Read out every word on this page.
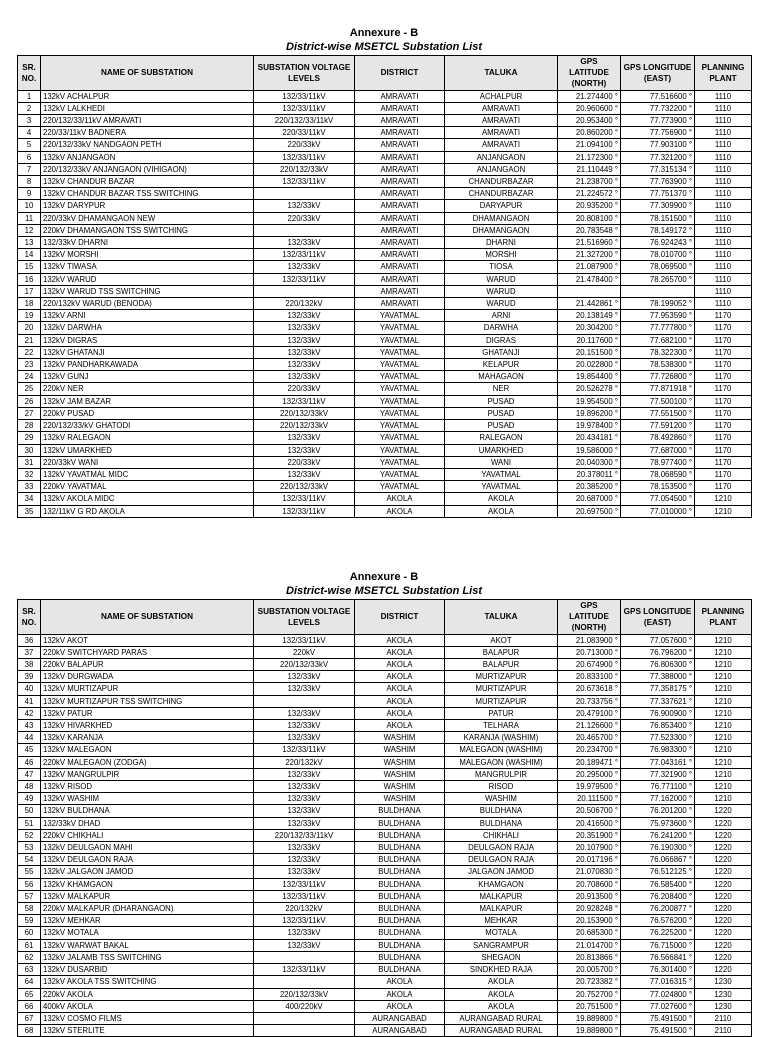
Annexure - B
District-wise MSETCL Substation List
SR. NO.	NAME OF SUBSTATION	SUBSTATION VOLTAGE LEVELS	DISTRICT	TALUKA	GPS LATITUDE (NORTH)	GPS LONGITUDE (EAST)	PLANNING PLANT
1	132kV ACHALPUR	132/33/11kV	AMRAVATI	ACHALPUR	21.274400 °	77.516600 °	1110
2	132kV LALKHEDI	132/33/11kV	AMRAVATI	AMRAVATI	20.960600 °	77.732200 °	1110
3	220/132/33/11kV AMRAVATI	220/132/33/11kV	AMRAVATI	AMRAVATI	20.953400 °	77.773900 °	1110
4	220/33/11kV BADNERA	220/33/11kV	AMRAVATI	AMRAVATI	20.860200 °	77.756900 °	1110
5	220/132/33kV NANDGAON PETH	220/33kV	AMRAVATI	AMRAVATI	21.094100 °	77.903100 °	1110
6	132kV ANJANGAON	132/33/11kV	AMRAVATI	ANJANGAON	21.172300 °	77.321200 °	1110
7	220/132/33kV ANJANGAON (VIHIGAON)	220/132/33kV	AMRAVATI	ANJANGAON	21.110449 °	77.315134 °	1110
8	132kV CHANDUR BAZAR	132/33/11kV	AMRAVATI	CHANDURBAZAR	21.238700 °	77.763900 °	1110
9	132kV CHANDUR BAZAR TSS SWITCHING		AMRAVATI	CHANDURBAZAR	21.224572 °	77.751370 °	1110
10	132kV DARYPUR	132/33kV	AMRAVATI	DARYAPUR	20.935200 °	77.309900 °	1110
11	220/33kV DHAMANGAON NEW	220/33kV	AMRAVATI	DHAMANGAON	20.808100 °	78.151500 °	1110
12	220kV DHAMANGAON TSS SWITCHING		AMRAVATI	DHAMANGAON	20.783548 °	78.149172 °	1110
13	132/33kV DHARNI	132/33kV	AMRAVATI	DHARNI	21.516960 °	76.924243 °	1110
14	132kV MORSHI	132/33/11kV	AMRAVATI	MORSHI	21.327200 °	78.010700 °	1110
15	132kV TIWASA	132/33kV	AMRAVATI	TIOSA	21.087900 °	78.069500 °	1110
16	132kV WARUD	132/33/11kV	AMRAVATI	WARUD	21.478400 °	78.265700 °	1110
17	132kV WARUD TSS SWITCHING		AMRAVATI	WARUD			1110
18	220/132kV WARUD (BENODA)	220/132kV	AMRAVATI	WARUD	21.442861 °	78.199052 °	1110
19	132kV ARNI	132/33kV	YAVATMAL	ARNI	20.138149 °	77.953590 °	1170
20	132kV DARWHA	132/33kV	YAVATMAL	DARWHA	20.304200 °	77.777800 °	1170
21	132kV DIGRAS	132/33kV	YAVATMAL	DIGRAS	20.117600 °	77.682100 °	1170
22	132kV GHATANJI	132/33kV	YAVATMAL	GHATANJI	20.151500 °	78.322300 °	1170
23	132kV PANDHARKAWADA	132/33kV	YAVATMAL	KELAPUR	20.022800 °	78.538300 °	1170
24	132kV GUNJ	132/33kV	YAVATMAL	MAHAGAON	19.854400 °	77.726800 °	1170
25	220kV NER	220/33kV	YAVATMAL	NER	20.526278 °	77.871918 °	1170
26	132kV JAM BAZAR	132/33/11kV	YAVATMAL	PUSAD	19.954500 °	77.500100 °	1170
27	220kV PUSAD	220/132/33kV	YAVATMAL	PUSAD	19.896200 °	77.551500 °	1170
28	220/132/33/kV GHATODI	220/132/33kV	YAVATMAL	PUSAD	19.978400 °	77.591200 °	1170
29	132kV RALEGAON	132/33kV	YAVATMAL	RALEGAON	20.434181 °	78.492860 °	1170
30	132kV UMARKHED	132/33kV	YAVATMAL	UMARKHED	19.586000 °	77.687000 °	1170
31	220/33kV WANI	220/33kV	YAVATMAL	WANI	20.040300 °	78.977400 °	1170
32	132kV YAVATMAL MIDC	132/33kV	YAVATMAL	YAVATMAL	20.378011 °	78.068590 °	1170
33	220kV YAVATMAL	220/132/33kV	YAVATMAL	YAVATMAL	20.385200 °	78.153500 °	1170
34	132kV AKOLA MIDC	132/33/11kV	AKOLA	AKOLA	20.687000 °	77.054500 °	1210
35	132/11kV G RD AKOLA	132/33/11kV	AKOLA	AKOLA	20.697500 °	77.010000 °	1210
Annexure - B
District-wise MSETCL Substation List
SR. NO.	NAME OF SUBSTATION	SUBSTATION VOLTAGE LEVELS	DISTRICT	TALUKA	GPS LATITUDE (NORTH)	GPS LONGITUDE (EAST)	PLANNING PLANT
36	132kV AKOT	132/33/11kV	AKOLA	AKOT	21.083900 °	77.057600 °	1210
37	220kV SWITCHYARD PARAS	220kV	AKOLA	BALAPUR	20.713000 °	76.796200 °	1210
38	220kV BALAPUR	220/132/33kV	AKOLA	BALAPUR	20.674900 °	76.806300 °	1210
39	132kV DURGWADA	132/33kV	AKOLA	MURTIZAPUR	20.833100 °	77.388000 °	1210
40	132kV MURTIZAPUR	132/33kV	AKOLA	MURTIZAPUR	20.673618 °	77.358175 °	1210
41	132kV MURTIZAPUR TSS SWITCHING		AKOLA	MURTIZAPUR	20.733756 °	77.337621 °	1210
42	132kV PATUR	132/33kV	AKOLA	PATUR	20.479100 °	76.900900 °	1210
43	132kV HIVARKHED	132/33kV	AKOLA	TELHARA	21.126600 °	76.853400 °	1210
44	132kV KARANJA	132/33kV	WASHIM	KARANJA (WASHIM)	20.465700 °	77.523300 °	1210
45	132kV MALEGAON	132/33/11kV	WASHIM	MALEGAON (WASHIM)	20.234700 °	76.983300 °	1210
46	220kV MALEGAON (ZODGA)	220/132kV	WASHIM	MALEGAON (WASHIM)	20.189471 °	77.043161 °	1210
47	132kV MANGRULPIR	132/33kV	WASHIM	MANGRULPIR	20.295000 °	77.321900 °	1210
48	132kV RISOD	132/33kV	WASHIM	RISOD	19.979500 °	76.771100 °	1210
49	132kV WASHIM	132/33kV	WASHIM	WASHIM	20.111500 °	77.162000 °	1210
50	132kV BULDHANA	132/33kV	BULDHANA	BULDHANA	20.506700 °	76.201200 °	1220
51	132/33kV DHAD	132/33kV	BULDHANA	BULDHANA	20.416500 °	75.973600 °	1220
52	220kV CHIKHALI	220/132/33/11kV	BULDHANA	CHIKHALI	20.351900 °	76.241200 °	1220
53	132kV DEULGAON MAHI	132/33kV	BULDHANA	DEULGAON RAJA	20.107900 °	76.190300 °	1220
54	132kV DEULGAON RAJA	132/33kV	BULDHANA	DEULGAON RAJA	20.017196 °	76.066867 °	1220
55	132kV JALGAON JAMOD	132/33kV	BULDHANA	JALGAON JAMOD	21.070830 °	76.512125 °	1220
56	132kV KHAMGAON	132/33/11kV	BULDHANA	KHAMGAON	20.708600 °	76.585400 °	1220
57	132kV MALKAPUR	132/33/11kV	BULDHANA	MALKAPUR	20.913500 °	76.208400 °	1220
58	220kV MALKAPUR (DHARANGAON)	220/132kV	BULDHANA	MALKAPUR	20.928248 °	76.200877 °	1220
59	132kV MEHKAR	132/33/11kV	BULDHANA	MEHKAR	20.153900 °	76.576200 °	1220
60	132kV MOTALA	132/33kV	BULDHANA	MOTALA	20.685300 °	76.225200 °	1220
61	132kV WARWAT BAKAL	132/33kV	BULDHANA	SANGRAMPUR	21.014700 °	76.715000 °	1220
62	132kV JALAMB TSS SWITCHING		BULDHANA	SHEGAON	20.813866 °	76.566841 °	1220
63	132kV DUSARBID	132/33/11kV	BULDHANA	SINDKHED RAJA	20.005700 °	76.301400 °	1220
64	132kV AKOLA TSS SWITCHING		AKOLA	AKOLA	20.723382 °	77.016315 °	1230
65	220kV AKOLA	220/132/33kV	AKOLA	AKOLA	20.752700 °	77.024800 °	1230
66	400kV AKOLA	400/220kV	AKOLA	AKOLA	20.751500 °	77.027600 °	1230
67	132kV COSMO FILMS		AURANGABAD	AURANGABAD RURAL	19.889800 °	75.491500 °	2110
68	132kV STERLITE		AURANGABAD	AURANGABAD RURAL	19.889800 °	75.491500 °	2110
